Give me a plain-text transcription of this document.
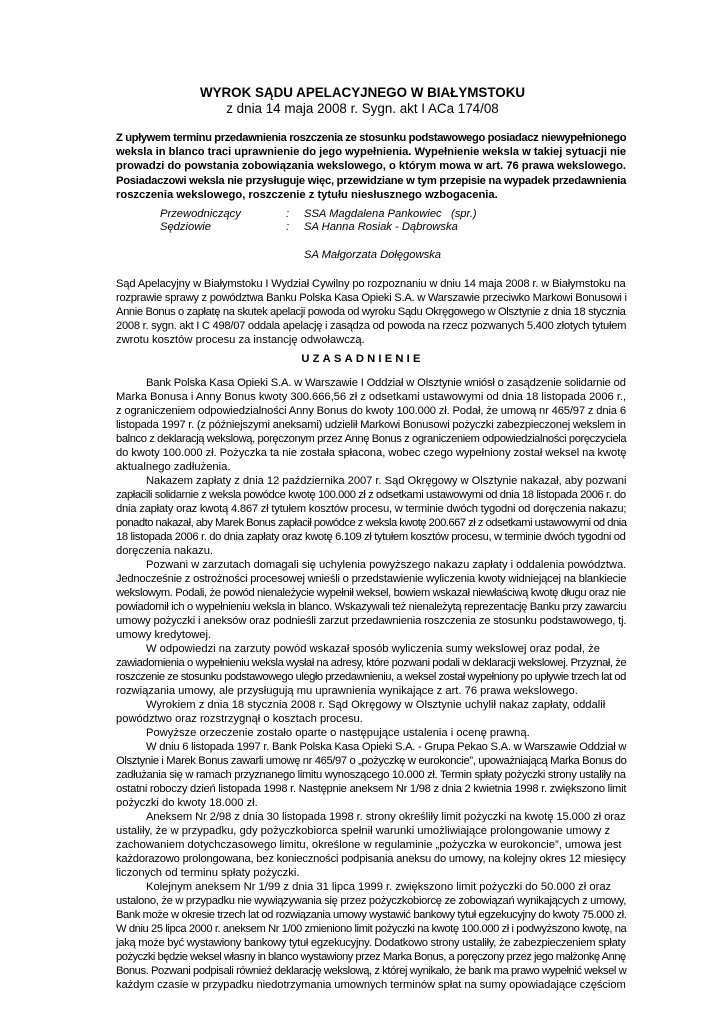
WYROK SĄDU APELACYJNEGO W BIAŁYMSTOKU
z dnia 14 maja 2008 r. Sygn. akt I ACa 174/08
Z upływem terminu przedawnienia roszczenia ze stosunku podstawowego posiadacz niewypełnionego
weksla in blanco traci uprawnienie do jego wypełnienia. Wypełnienie weksla w takiej sytuacji nie
prowadzi do powstania zobowiązania wekslowego, o którym mowa w art. 76 prawa wekslowego.
Posiadaczowi weksla nie przysługuje więc, przewidziane w tym przepisie na wypadek przedawnienia
roszczenia wekslowego, roszczenie z tytułu niesłusznego wzbogacenia.
Przewodniczący	: SSA Magdalena Pankowiec   (spr.)
Sędziowie	: SA Hanna Rosiak - Dąbrowska
SA Małgorzata Dołęgowska
Sąd Apelacyjny w Białymstoku I Wydział Cywilny po rozpoznaniu w dniu 14 maja 2008 r. w Białymstoku na
rozprawie sprawy z powództwa Banku Polska Kasa Opieki S.A. w Warszawie przeciwko Markowi Bonusowi i
Annie Bonus o zapłatę na skutek apelacji powoda od wyroku Sądu Okręgowego w Olsztynie z dnia 18 stycznia
2008 r. sygn. akt I C 498/07 oddala apelację i zasądza od powoda na rzecz pozwanych 5.400 złotych tytułem
zwrotu kosztów procesu za instancję odwoławczą.
UZASADNIENIE
Bank Polska Kasa Opieki S.A. w Warszawie I Oddział w Olsztynie wniósł o zasądzenie solidarnie od
Marka Bonusa i Anny Bonus kwoty 300.666,56 zł z odsetkami ustawowymi od dnia 18 listopada 2006 r.,
z ograniczeniem odpowiedzialności Anny Bonus do kwoty 100.000 zł. Podał, że umową nr 465/97 z dnia 6
listopada 1997 r. (z późniejszymi aneksami) udzielił Markowi Bonusowi pożyczki zabezpieczonej wekslem in
balnco z deklaracją wekslową, poręczonym przez Annę Bonus z ograniczeniem odpowiedzialności poręczyciela
do kwoty 100.000 zł. Pożyczka ta nie została spłacona, wobec czego wypełniony został weksel na kwotę
aktualnego zadłużenia.
Nakazem zapłaty z dnia 12 października 2007 r. Sąd Okręgowy w Olsztynie nakazał, aby pozwani
zapłacili solidarnie z weksla powódce kwotę 100.000 zł z odsetkami ustawowymi od dnia 18 listopada 2006 r. do
dnia zapłaty oraz kwotą 4.867 zł tytułem kosztów procesu, w terminie dwóch tygodni od doręczenia nakazu;
ponadto nakazał, aby Marek Bonus zapłacił powódce z weksla kwotę 200.667 zł z odsetkami ustawowymi od dnia
18 listopada 2006 r. do dnia zapłaty oraz kwotę 6.109 zł tytułem kosztów procesu, w terminie dwóch tygodni od
doręczenia nakazu.
Pozwani w zarzutach domagali się uchylenia powyższego nakazu zapłaty i oddalenia powództwa.
Jednocześnie z ostrożności procesowej wnieśli o przedstawienie wyliczenia kwoty widniejącej na blankiecie
wekslowym. Podali, że powód nienależycie wypełnił weksel, bowiem wskazał niewłaściwą kwotę długu oraz nie
powiadomił ich o wypełnieniu weksla in blanco. Wskazywali też nienależytą reprezentację Banku przy zawarciu
umowy pożyczki i aneksów oraz podnieśli zarzut przedawnienia roszczenia ze stosunku podstawowego, tj.
umowy kredytowej.
W odpowiedzi na zarzuty powód wskazał sposób wyliczenia sumy wekslowej oraz podał, że
zawiadomienia o wypełnieniu weksla wysłał na adresy, które pozwani podali w deklaracji wekslowej. Przyznał, że
roszczenie ze stosunku podstawowego uległo przedawnieniu, a weksel został wypełniony po upływie trzech lat od
rozwiązania umowy, ale przysługują mu uprawnienia wynikające z art. 76 prawa wekslowego.
Wyrokiem z dnia 18 stycznia 2008 r. Sąd Okręgowy w Olsztynie uchylił nakaz zapłaty, oddalił
powództwo oraz rozstrzygnął o kosztach procesu.
Powyższe orzeczenie zostało oparte o następujące ustalenia i ocenę prawną.
W dniu 6 listopada 1997 r. Bank Polska Kasa Opieki S.A. - Grupa Pekao S.A. w Warszawie Oddział w
Olsztynie i Marek Bonus zawarli umowę nr 465/97 o „pożyczkę w eurokoncie”, upoważniającą Marka Bonus do
zadłużania się w ramach przyznanego limitu wynoszącego 10.000 zł. Termin spłaty pożyczki strony ustaliły na
ostatni roboczy dzień listopada 1998 r. Następnie aneksem Nr 1/98 z dnia 2 kwietnia 1998 r. zwiększono limit
pożyczki do kwoty 18.000 zł.
Aneksem Nr 2/98 z dnia 30 listopada 1998 r. strony określiły limit pożyczki na kwotę 15.000 zł oraz
ustaliły, że w przypadku, gdy pożyczkobiorca spełnił warunki umożliwiające prolongowanie umowy z
zachowaniem dotychczasowego limitu, określone w regulaminie „pożyczka w eurokoncie”, umowa jest
każdorazowo prolongowana, bez konieczności podpisania aneksu do umowy, na kolejny okres 12 miesięcy
liczonych od terminu spłaty pożyczki.
Kolejnym aneksem Nr 1/99 z dnia 31 lipca 1999 r. zwiększono limit pożyczki do 50.000 zł oraz
ustalono, że w przypadku nie wywiązywania się przez pożyczkobiorcę ze zobowiązań wynikających z umowy,
Bank może w okresie trzech lat od rozwiązania umowy wystawić bankowy tytuł egzekucyjny do kwoty 75.000 zł.
W dniu 25 lipca 2000 r. aneksem Nr 1/00 zmieniono limit pożyczki na kwotę 100.000 zł i podwyższono kwotę, na
jaką może być wystawiony bankowy tytuł egzekucyjny. Dodatkowo strony ustaliły, że zabezpieczeniem spłaty
pożyczki będzie weksel własny in blanco wystawiony przez Marka Bonus, a poręczony przez jego małżonkę Annę
Bonus. Pozwani podpisali również deklarację wekslową, z której wynikało, że bank ma prawo wypełnić weksel w
każdym czasie w przypadku niedotrzymania umownych terminów spłat na sumy opowiadające częściom
